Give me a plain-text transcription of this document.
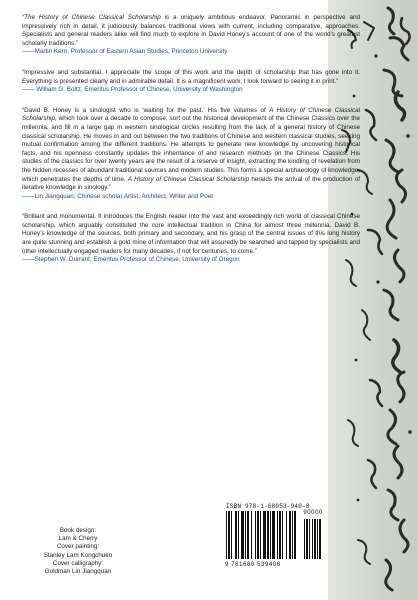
“The History of Chinese Classical Scholarship is a uniquely ambitious endeavor. Panoramic in perspective and impressively rich in detail, it judiciously balances traditional views with current, including comparative, approaches. Specialists and general readers alike will find much to explore in David Honey’s account of one of the world’s greatest scholarly traditions.”
——Martin Kern, Professor of Eastern Asian Studies, Princeton University
“Impressive and substantial. I appreciate the scope of this work and the depth of scholarship that has gone into it. Everything is presented clearly and in admirable detail. It is a magnificent work; I look forward to seeing it in print.”
—— William G. Boltz, Emeritus Professor of Chinese, University of Washington
“David B. Honey is a sinologist who is ‘waiting for the past.’ His five volumes of A History of Chinese Classical Scholarship, which took over a decade to compose, sort out the historical development of the Chinese Classics over the millennia, and fill in a large gap in western sinological circles resulting from the lack of a general history of Chinese classical scholarship. He moves in and out between the two traditions of Chinese and western classical studies, seeking mutual confirmation among the different traditions. He attempts to generate new knowledge by uncovering historical facts, and his openness constantly updates the inheritance of and research methods on the Chinese Classics. His studies of the classics for over twenty years are the result of a reserve of insight, extracting the kindling of revelation from the hidden recesses of abundant traditional sources and modern studies. This forms a special archaeology of knowledge, which penetrates the depths of time. A History of Chinese Classical Scholarship heralds the arrival of the production of iterative knowledge in sinology.”
——Lin Jiangquan, Chinese scholar,Artist, Architect, Writer and Poet
“Brilliant and monumental. It introduces the English reader into the vast and exceedingly rich world of classical Chinese scholarship, which arguably constituted the core intellectual tradition in China for almost three millennia. David B. Honey’s knowledge of the sources, both primary and secondary, and his grasp of the central issues of this long history are quite stunning and establish a gold mine of information that will assuredly be searched and tapped by specialists and other intellectually engaged readers for many decades, if not for centuries, to come.”
——Stephen W. Durrant, Emeritus Professor of Chinese, University of Oregon
Book design:
Lam & Cherry
Cover painting:
Stanley Lam Kongchuen
Cover calligraphy:
Goldman Lin Jiangquan
ISBN 978-1-68053-940-8
9 781680 539408
90000
